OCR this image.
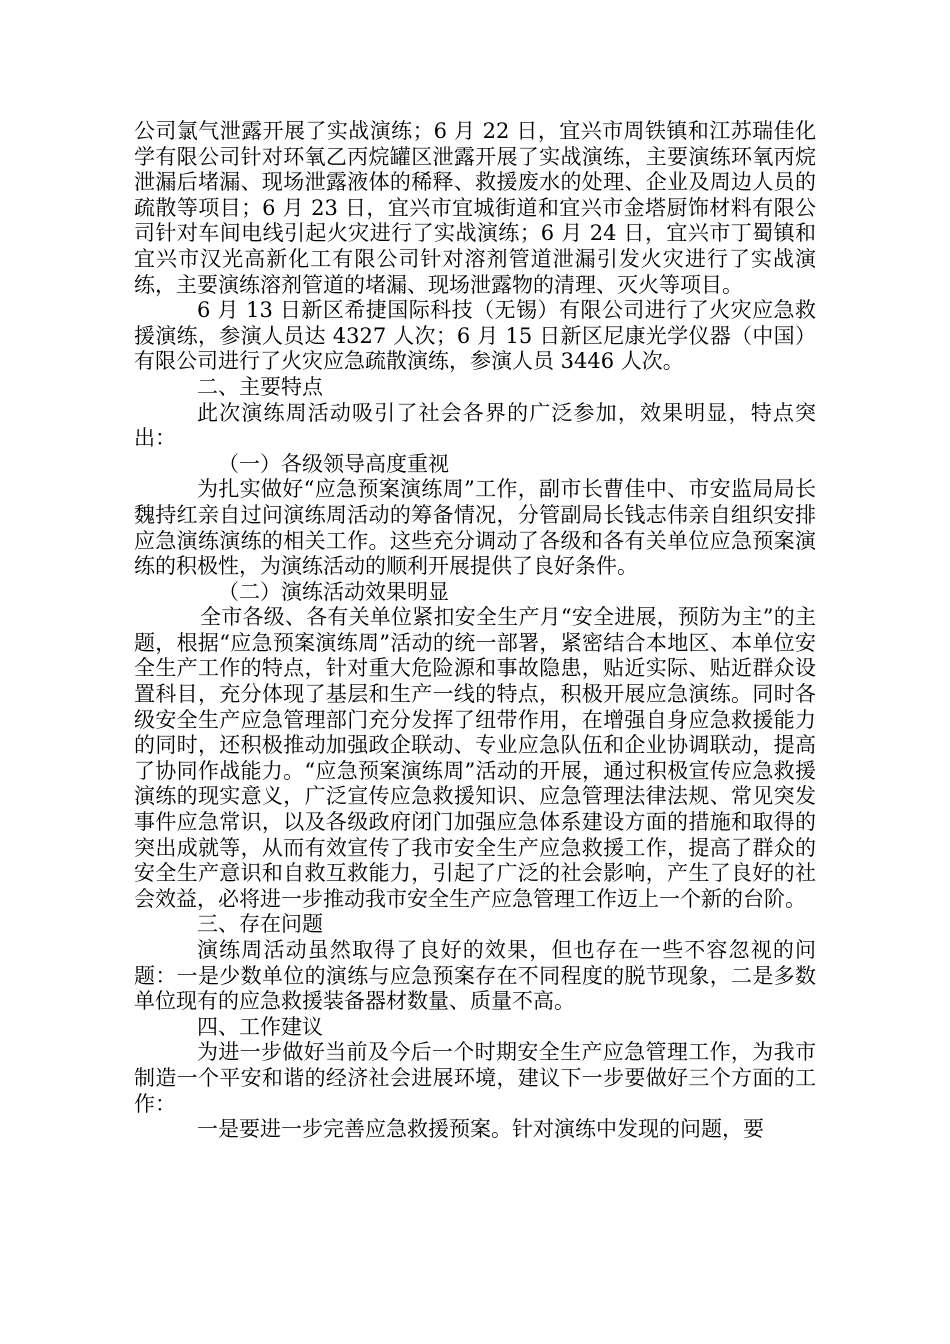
公司氯气泄露开展了实战演练；6 月 22 日，宜兴市周铁镇和江苏瑞佳化学有限公司针对环氧乙丙烷罐区泄露开展了实战演练，主要演练环氧丙烷泄漏后堵漏、现场泄露液体的稀释、救援废水的处理、企业及周边人员的疏散等项目；6 月 23 日，宜兴市宜城街道和宜兴市金塔厨饰材料有限公司针对车间电线引起火灾进行了实战演练；6 月 24 日，宜兴市丁蜀镇和宜兴市汉光高新化工有限公司针对溶剂管道泄漏引发火灾进行了实战演练，主要演练溶剂管道的堵漏、现场泄露物的清理、灭火等项目。

6 月 13 日新区希捷国际科技（无锡）有限公司进行了火灾应急救援演练，参演人员达 4327 人次；6 月 15 日新区尼康光学仪器（中国）有限公司进行了火灾应急疏散演练，参演人员 3446 人次。

二、主要特点

此次演练周活动吸引了社会各界的广泛参加，效果明显，特点突出：

（一）各级领导高度重视

为扎实做好“应急预案演练周”工作，副市长曹佳中、市安监局局长魏持红亲自过问演练周活动的筹备情况，分管副局长钱志伟亲自组织安排应急演练演练的相关工作。这些充分调动了各级和各有关单位应急预案演练的积极性，为演练活动的顺利开展提供了良好条件。

（二）演练活动效果明显

全市各级、各有关单位紧扣安全生产月“安全进展，预防为主”的主题，根据“应急预案演练周”活动的统一部署，紧密结合本地区、本单位安全生产工作的特点，针对重大危险源和事故隐患，贴近实际、贴近群众设置科目，充分体现了基层和生产一线的特点，积极开展应急演练。同时各级安全生产应急管理部门充分发挥了纽带作用，在增强自身应急救援能力的同时，还积极推动加强政企联动、专业应急队伍和企业协调联动，提高了协同作战能力。“应急预案演练周”活动的开展，通过积极宣传应急救援演练的现实意义，广泛宣传应急救援知识、应急管理法律法规、常见突发事件应急常识，以及各级政府闭门加强应急体系建设方面的措施和取得的突出成就等，从而有效宣传了我市安全生产应急救援工作，提高了群众的安全生产意识和自救互救能力，引起了广泛的社会影响，产生了良好的社会效益，必将进一步推动我市安全生产应急管理工作迈上一个新的台阶。

三、存在问题

演练周活动虽然取得了良好的效果，但也存在一些不容忽视的问题：一是少数单位的演练与应急预案存在不同程度的脱节现象，二是多数单位现有的应急救援装备器材数量、质量不高。

四、工作建议

为进一步做好当前及今后一个时期安全生产应急管理工作，为我市制造一个平安和谐的经济社会进展环境，建议下一步要做好三个方面的工作：

一是要进一步完善应急救援预案。针对演练中发现的问题，要
